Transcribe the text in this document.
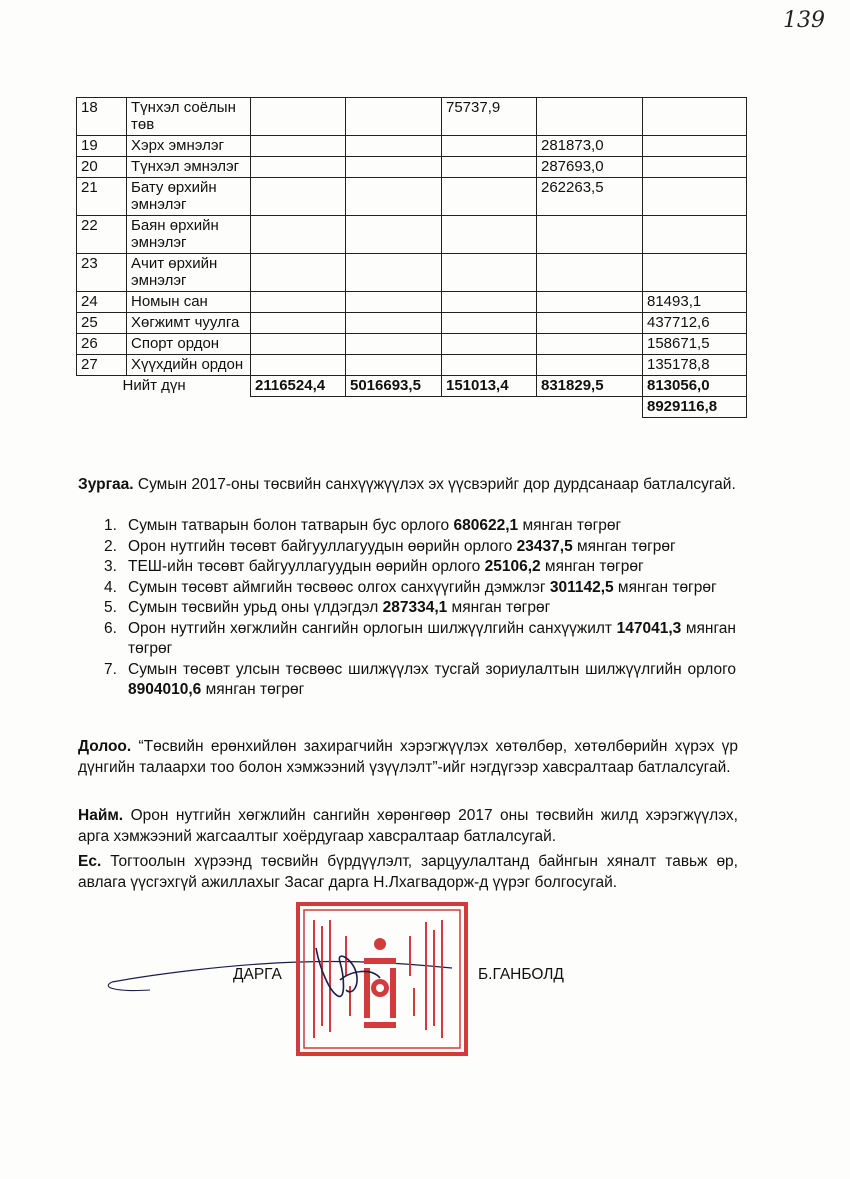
139
18	Түнхэл соёлын төв			75737,9		
19	Хэрх эмнэлэг				281873,0	
20	Түнхэл эмнэлэг				287693,0	
21	Бату өрхийн эмнэлэг				262263,5	
22	Баян өрхийн эмнэлэг					
23	Ачит өрхийн эмнэлэг					
24	Номын сан					81493,1
25	Хөгжимт чуулга					437712,6
26	Спорт ордон					158671,5
27	Хүүхдийн ордон					135178,8
Нийт дүн		2116524,4	5016693,5	151013,4	831829,5	813056,0
						8929116,8
Зургаа. Сумын 2017-оны төсвийн санхүүжүүлэх эх үүсвэрийг дор дурдсанаар батлалсугай.
1. Сумын татварын болон татварын бус орлого 680622,1 мянган төгрөг
2. Орон нутгийн төсөвт байгууллагуудын өөрийн орлого 23437,5 мянган төгрөг
3. ТЕШ-ийн төсөвт байгууллагуудын өөрийн орлого 25106,2 мянган төгрөг
4. Сумын төсөвт аймгийн төсвөөс олгох санхүүгийн дэмжлэг 301142,5 мянган төгрөг
5. Сумын төсвийн урьд оны үлдэгдэл 287334,1 мянган төгрөг
6. Орон нутгийн хөгжлийн сангийн орлогын шилжүүлгийн санхүүжилт 147041,3 мянган төгрөг
7. Сумын төсөвт улсын төсвөөс шилжүүлэх тусгай зориулалтын шилжүүлгийн орлого 8904010,6 мянган төгрөг
Долоо. “Төсвийн ерөнхийлөн захирагчийн хэрэгжүүлэх хөтөлбөр, хөтөлбөрийн хүрэх үр дүнгийн талаархи тоо болон хэмжээний үзүүлэлт”-ийг нэгдүгээр хавсралтаар батлалсугай.
Найм. Орон нутгийн хөгжлийн сангийн хөрөнгөөр 2017 оны төсвийн жилд хэрэгжүүлэх, арга хэмжээний жагсаалтыг хоёрдугаар хавсралтаар батлалсугай.
Ес. Тогтоолын хүрээнд төсвийн бүрдүүлэлт, зарцуулалтанд байнгын хяналт тавьж өр, авлага үүсгэхгүй ажиллахыг Засаг дарга Н.Лхагвадорж-д үүрэг болгосугай.
ДАРГА	Б.ГАНБОЛД
